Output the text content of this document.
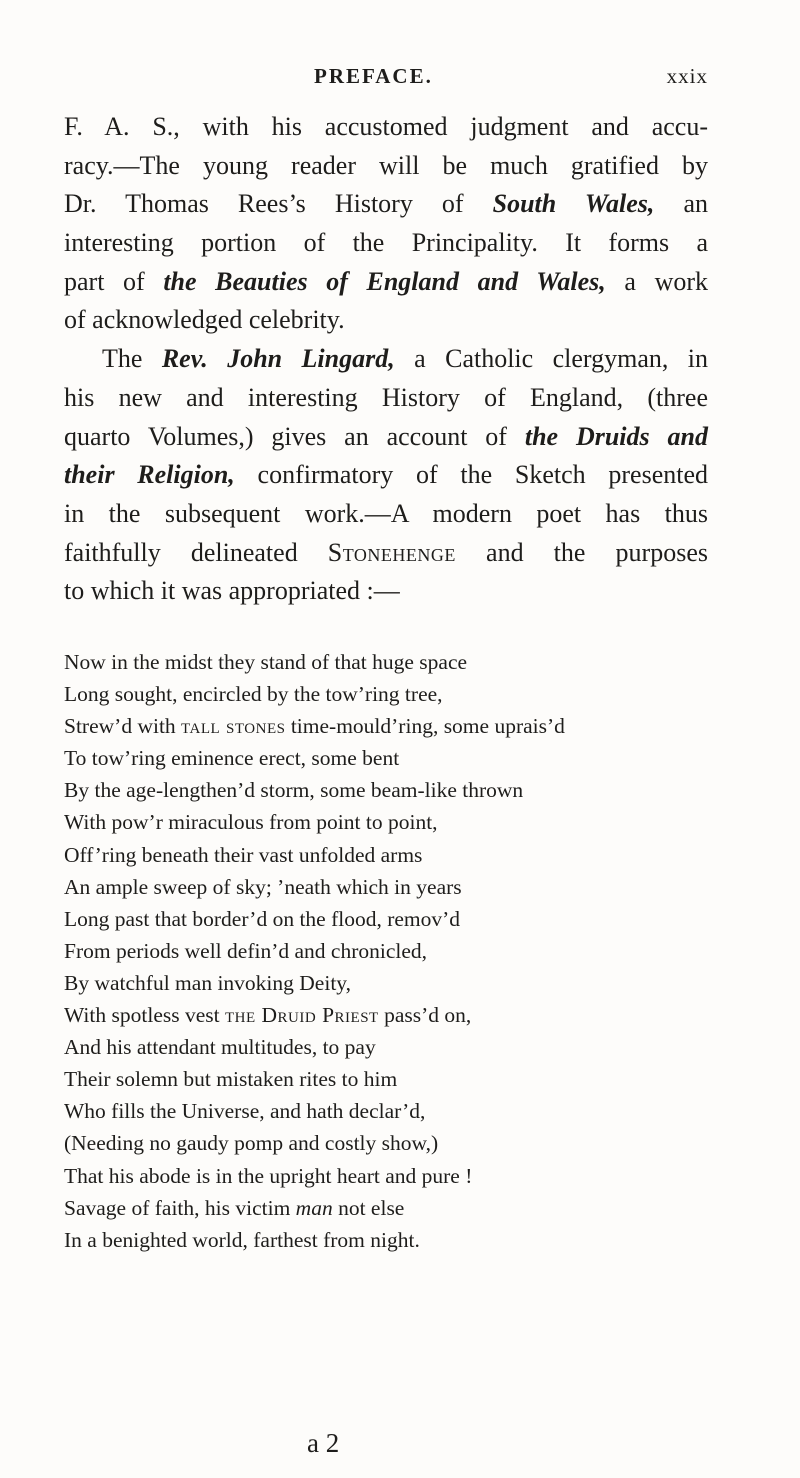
PREFACE.	xxix
F. A. S., with his accustomed judgment and accu-
racy.—The young reader will be much gratified by
Dr. Thomas Rees’s History of South Wales, an
interesting portion of the Principality. It forms a
part of the Beauties of England and Wales, a work
of acknowledged celebrity.
The Rev. John Lingard, a Catholic clergyman, in
his new and interesting History of England, (three
quarto Volumes,) gives an account of the Druids and
their Religion, confirmatory of the Sketch presented
in the subsequent work.—A modern poet has thus
faithfully delineated Stonehenge and the purposes
to which it was appropriated :—
Now in the midst they stand of that huge space
Long sought, encircled by the tow’ring tree,
Strew’d with tall stones time-mould’ring, some uprais’d
To tow’ring eminence erect, some bent
By the age-lengthen’d storm, some beam-like thrown
With pow’r miraculous from point to point,
Off’ring beneath their vast unfolded arms
An ample sweep of sky; ’neath which in years
Long past that border’d on the flood, remov’d
From periods well defin’d and chronicled,
By watchful man invoking Deity,
With spotless vest the Druid Priest pass’d on,
And his attendant multitudes, to pay
Their solemn but mistaken rites to him
Who fills the Universe, and hath declar’d,
(Needing no gaudy pomp and costly show,)
That his abode is in the upright heart and pure !
Savage of faith, his victim man not else
In a benighted world, farthest from night.
a 2
